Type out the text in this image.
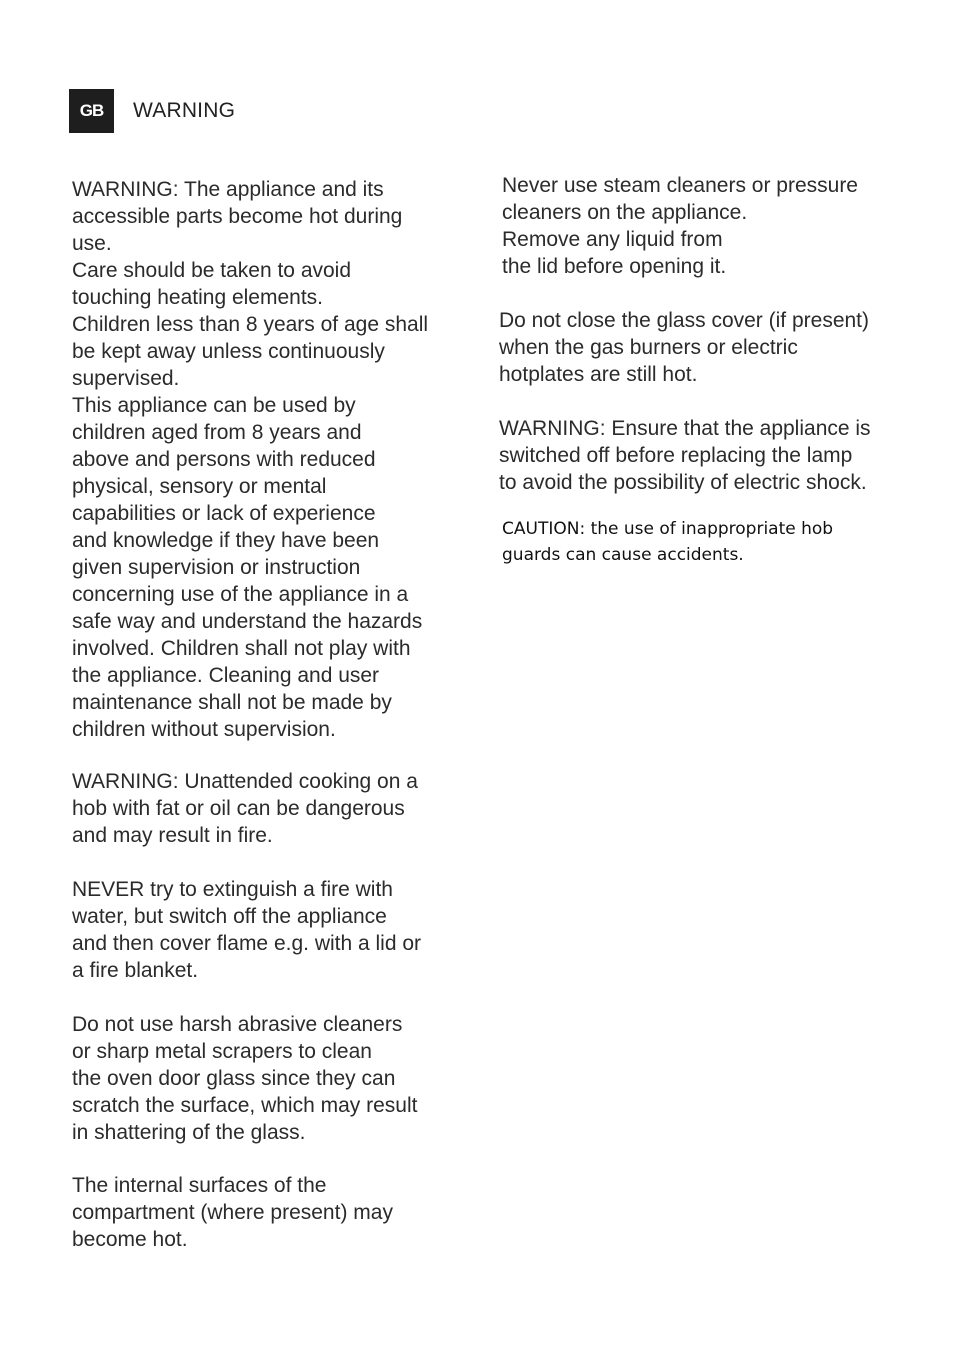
GB WARNING

WARNING: The appliance and its
accessible parts become hot during
use.
Care should be taken to avoid
touching heating elements.
Children less than 8 years of age shall
be kept away unless continuously
supervised.
This appliance can be used by
children aged from 8 years and
above and persons with reduced
physical, sensory or mental
capabilities or lack of experience
and knowledge if they have been
given supervision or instruction
concerning use of the appliance in a
safe way and understand the hazards
involved. Children shall not play with
the appliance. Cleaning and user
maintenance shall not be made by
children without supervision.

WARNING: Unattended cooking on a
hob with fat or oil can be dangerous
and may result in fire.

NEVER try to extinguish a fire with
water, but switch off the appliance
and then cover flame e.g. with a lid or
a fire blanket.

Do not use harsh abrasive cleaners
or sharp metal scrapers to clean
the oven door glass since they can
scratch the surface, which may result
in shattering of the glass.

The internal surfaces of the
compartment (where present) may
become hot.

Never use steam cleaners or pressure
cleaners on the appliance.
Remove any liquid from
the lid before opening it.

Do not close the glass cover (if present)
when the gas burners or electric
hotplates are still hot.

WARNING: Ensure that the appliance is
switched off before replacing the lamp
to avoid the possibility of electric shock.

CAUTION: the use of inappropriate hob
guards can cause accidents.
